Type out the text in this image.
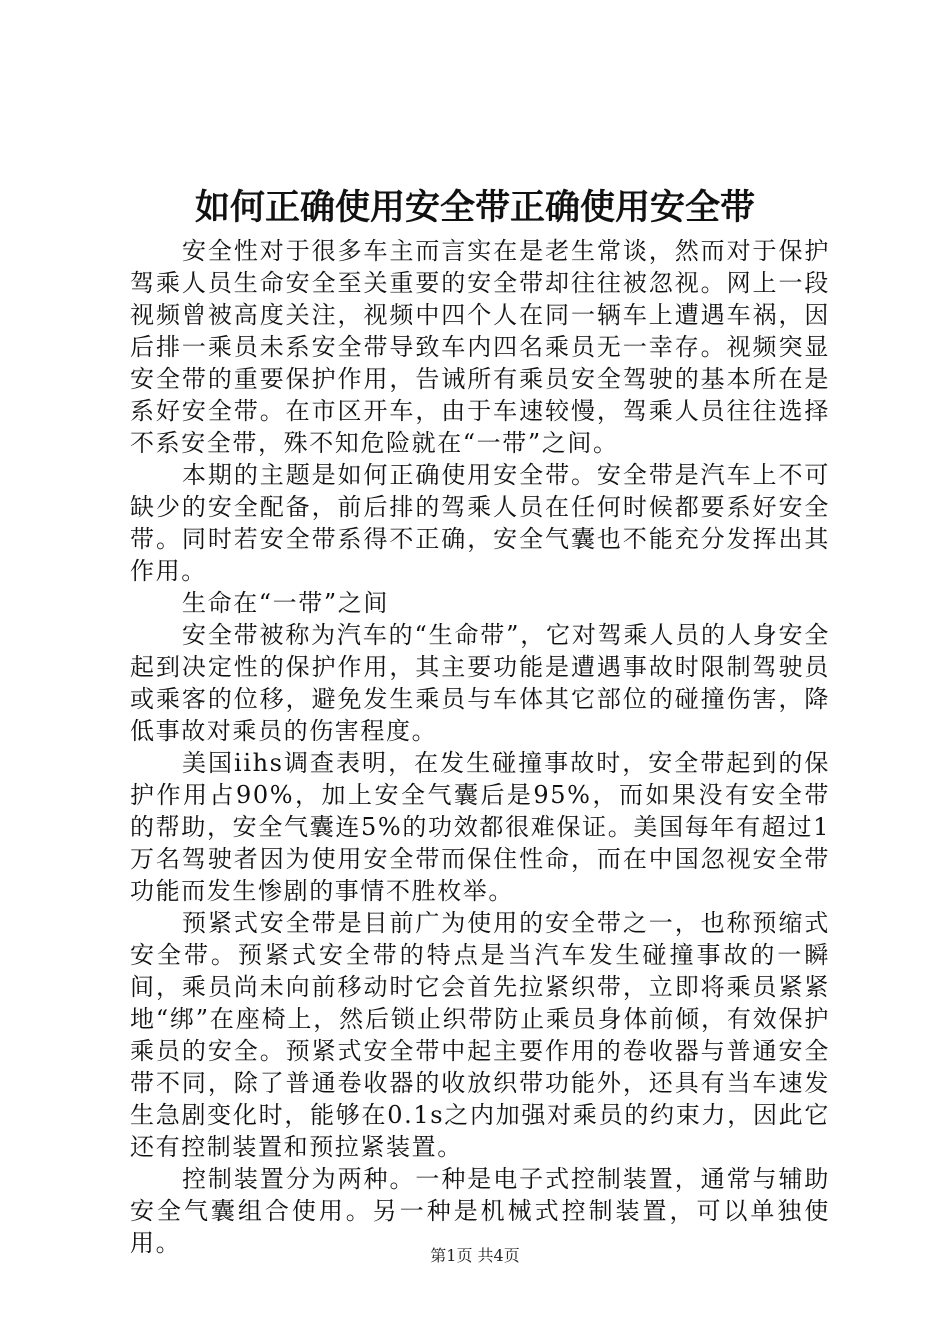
如何正确使用安全带正确使用安全带

安全性对于很多车主而言实在是老生常谈，然而对于保护驾乘人员生命安全至关重要的安全带却往往被忽视。网上一段视频曾被高度关注，视频中四个人在同一辆车上遭遇车祸，因后排一乘员未系安全带导致车内四名乘员无一幸存。视频突显安全带的重要保护作用，告诫所有乘员安全驾驶的基本所在是系好安全带。在市区开车，由于车速较慢，驾乘人员往往选择不系安全带，殊不知危险就在“一带”之间。

本期的主题是如何正确使用安全带。安全带是汽车上不可缺少的安全配备，前后排的驾乘人员在任何时候都要系好安全带。同时若安全带系得不正确，安全气囊也不能充分发挥出其作用。

生命在“一带”之间

安全带被称为汽车的“生命带”，它对驾乘人员的人身安全起到决定性的保护作用，其主要功能是遭遇事故时限制驾驶员或乘客的位移，避免发生乘员与车体其它部位的碰撞伤害，降低事故对乘员的伤害程度。

美国iihs调查表明，在发生碰撞事故时，安全带起到的保护作用占90%，加上安全气囊后是95%，而如果没有安全带的帮助，安全气囊连5%的功效都很难保证。美国每年有超过1万名驾驶者因为使用安全带而保住性命，而在中国忽视安全带功能而发生惨剧的事情不胜枚举。

预紧式安全带是目前广为使用的安全带之一，也称预缩式安全带。预紧式安全带的特点是当汽车发生碰撞事故的一瞬间，乘员尚未向前移动时它会首先拉紧织带，立即将乘员紧紧地“绑”在座椅上，然后锁止织带防止乘员身体前倾，有效保护乘员的安全。预紧式安全带中起主要作用的卷收器与普通安全带不同，除了普通卷收器的收放织带功能外，还具有当车速发生急剧变化时，能够在0.1s之内加强对乘员的约束力，因此它还有控制装置和预拉紧装置。

控制装置分为两种。一种是电子式控制装置，通常与辅助安全气囊组合使用。另一种是机械式控制装置，可以单独使用。	第1页 共4页
